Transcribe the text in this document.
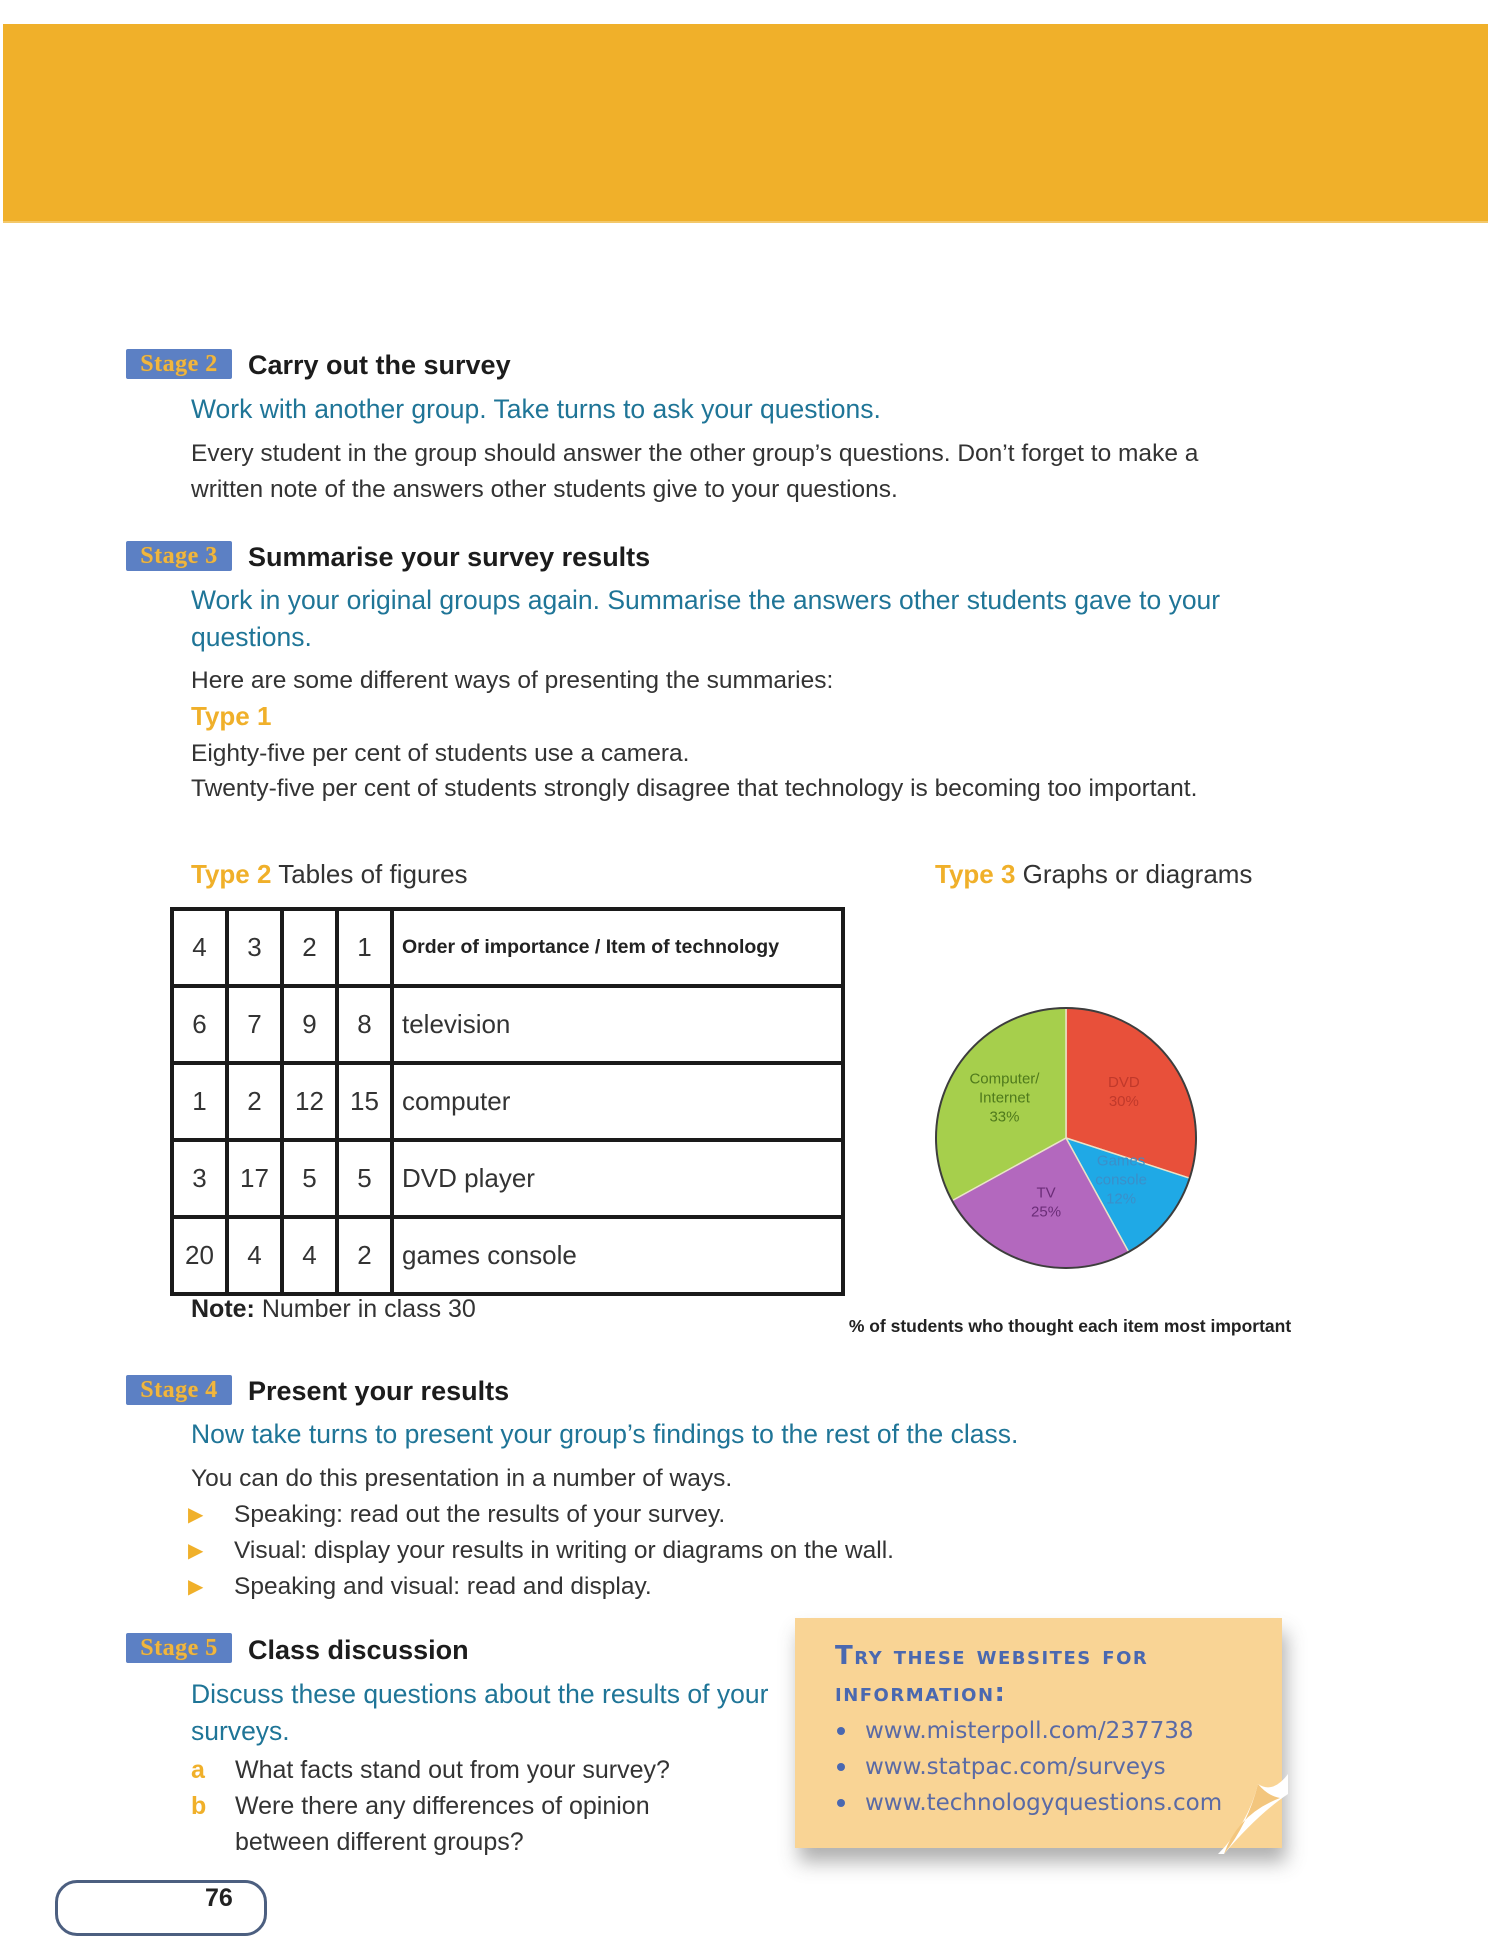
Stage 2	Carry out the survey
Work with another group. Take turns to ask your questions.
Every student in the group should answer the other group’s questions. Don’t forget to make a written note of the answers other students give to your questions.
Stage 3	Summarise your survey results
Work in your original groups again. Summarise the answers other students gave to your questions.
Here are some different ways of presenting the summaries:
Type 1
Eighty-five per cent of students use a camera.
Twenty-five per cent of students strongly disagree that technology is becoming too important.
Type 2 Tables of figures	Type 3 Graphs or diagrams
4	3	2	1	Order of importance / Item of technology
6	7	9	8	television
1	2	12	15	computer
3	17	5	5	DVD player
20	4	4	2	games console
Note: Number in class 30
DVD 30%
Games console 12%
TV 25%
Computer/ Internet 33%
% of students who thought each item most important
Stage 4	Present your results
Now take turns to present your group’s findings to the rest of the class.
You can do this presentation in a number of ways.
▶ Speaking: read out the results of your survey.
▶ Visual: display your results in writing or diagrams on the wall.
▶ Speaking and visual: read and display.
Stage 5	Class discussion
Discuss these questions about the results of your surveys.
a What facts stand out from your survey?
b Were there any differences of opinion between different groups?
Try these websites for information:
www.misterpoll.com/237738
www.statpac.com/surveys
www.technologyquestions.com
76
